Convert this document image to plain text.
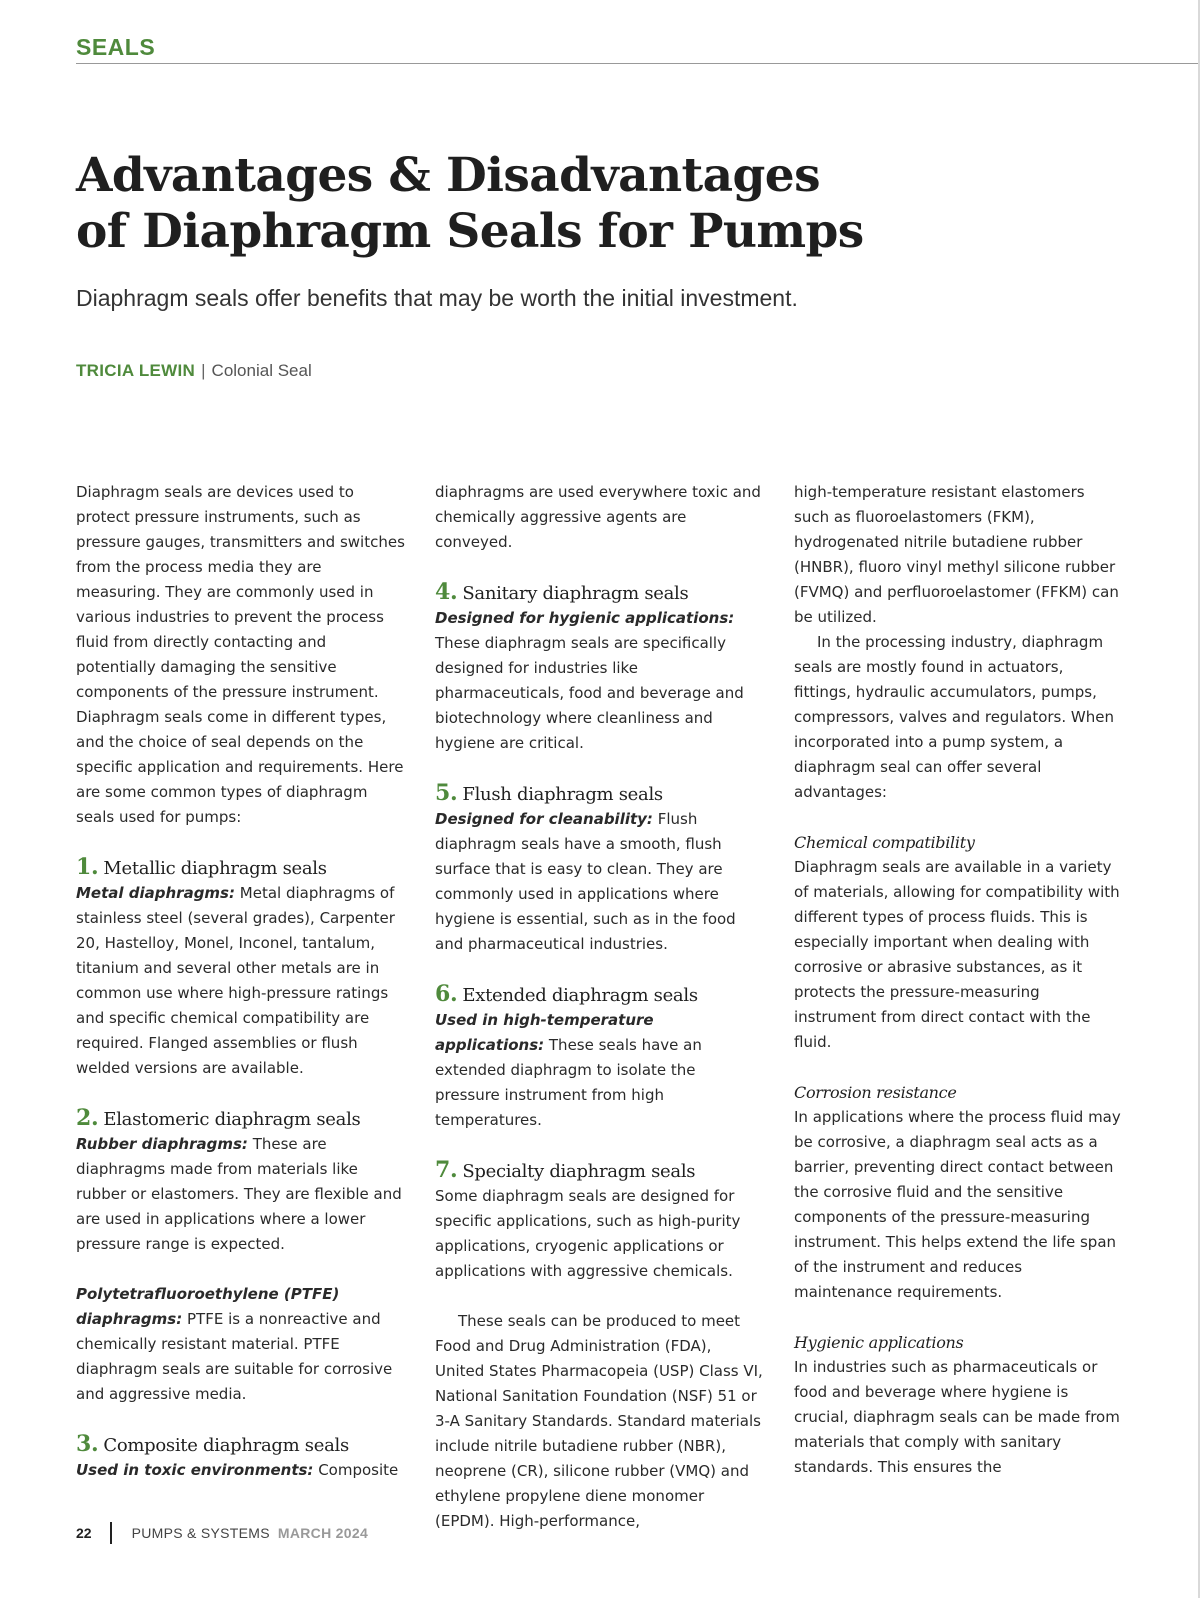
SEALS
Advantages & Disadvantages
of Diaphragm Seals for Pumps

Diaphragm seals offer benefits that may be worth the initial investment.

TRICIA LEWIN | Colonial Seal

Diaphragm seals are devices used to protect pressure instruments, such as pressure gauges, transmitters and switches from the process media they are measuring. They are commonly used in various industries to prevent the process fluid from directly contacting and potentially damaging the sensitive components of the pressure instrument. Diaphragm seals come in different types, and the choice of seal depends on the specific application and requirements. Here are some common types of diaphragm seals used for pumps:

1. Metallic diaphragm seals

Metal diaphragms: Metal diaphragms of stainless steel (several grades), Carpenter 20, Hastelloy, Monel, Inconel, tantalum, titanium and several other metals are in common use where high-pressure ratings and specific chemical compatibility are required. Flanged assemblies or flush welded versions are available.

2. Elastomeric diaphragm seals

Rubber diaphragms: These are diaphragms made from materials like rubber or elastomers. They are flexible and are used in applications where a lower pressure range is expected.

Polytetrafluoroethylene (PTFE) diaphragms: PTFE is a nonreactive and chemically resistant material. PTFE diaphragm seals are suitable for corrosive and aggressive media.

3. Composite diaphragm seals

Used in toxic environments: Composite

diaphragms are used everywhere toxic and chemically aggressive agents are conveyed.

4. Sanitary diaphragm seals

Designed for hygienic applications: These diaphragm seals are specifically designed for industries like pharmaceuticals, food and beverage and biotechnology where cleanliness and hygiene are critical.

5. Flush diaphragm seals

Designed for cleanability: Flush diaphragm seals have a smooth, flush surface that is easy to clean. They are commonly used in applications where hygiene is essential, such as in the food and pharmaceutical industries.

6. Extended diaphragm seals

Used in high-temperature applications: These seals have an extended diaphragm to isolate the pressure instrument from high temperatures.

7. Specialty diaphragm seals

Some diaphragm seals are designed for specific applications, such as high-purity applications, cryogenic applications or applications with aggressive chemicals.

These seals can be produced to meet Food and Drug Administration (FDA), United States Pharmacopeia (USP) Class VI, National Sanitation Foundation (NSF) 51 or 3-A Sanitary Standards. Standard materials include nitrile butadiene rubber (NBR), neoprene (CR), silicone rubber (VMQ) and ethylene propylene diene monomer (EPDM). High-performance,

high-temperature resistant elastomers such as fluoroelastomers (FKM), hydrogenated nitrile butadiene rubber (HNBR), fluoro vinyl methyl silicone rubber (FVMQ) and perfluoroelastomer (FFKM) can be utilized.

In the processing industry, diaphragm seals are mostly found in actuators, fittings, hydraulic accumulators, pumps, compressors, valves and regulators. When incorporated into a pump system, a diaphragm seal can offer several advantages:

Chemical compatibility

Diaphragm seals are available in a variety of materials, allowing for compatibility with different types of process fluids. This is especially important when dealing with corrosive or abrasive substances, as it protects the pressure-measuring instrument from direct contact with the fluid.

Corrosion resistance

In applications where the process fluid may be corrosive, a diaphragm seal acts as a barrier, preventing direct contact between the corrosive fluid and the sensitive components of the pressure-measuring instrument. This helps extend the life span of the instrument and reduces maintenance requirements.

Hygienic applications

In industries such as pharmaceuticals or food and beverage where hygiene is crucial, diaphragm seals can be made from materials that comply with sanitary standards. This ensures the

22	PUMPS & SYSTEMS MARCH 2024
